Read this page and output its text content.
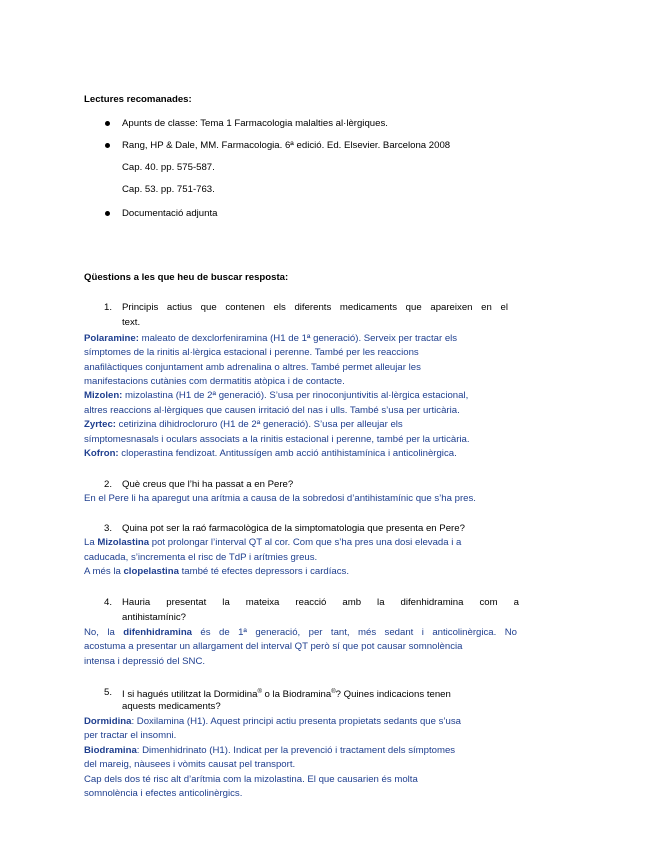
Lectures recomanades:
Apunts de classe: Tema 1 Farmacologia malalties al·lèrgiques.
Rang, HP & Dale, MM. Farmacologia. 6ª edició. Ed. Elsevier. Barcelona 2008
Cap. 40. pp. 575-587.
Cap. 53. pp. 751-763.
Documentació adjunta
Qüestions a les que heu de buscar resposta:
1. Principis actius que contenen els diferents medicaments que apareixen en el
text.
Polaramine: maleato de dexclorfeniramina (H1 de 1ª generació). Serveix per tractar els
símptomes de la rinitis al·lèrgica estacional i perenne. També per les reaccions
anafilàctiques conjuntament amb adrenalina o altres. També permet alleujar les
manifestacions cutànies com dermatitis atòpica i de contacte.
Mizolen: mizolastina (H1 de 2ª generació). S’usa per rinoconjuntivitis al·lèrgica estacional,
altres reaccions al·lèrgiques que causen irritació del nas i ulls. També s’usa per urticària.
Zyrtec: cetirizina dihidrocloruro (H1 de 2ª generació). S’usa per alleujar els
símptomesnasals i oculars associats a la rinitis estacional i perenne, també per la urticària.
Kofron: cloperastina fendizoat. Antitussígen amb acció antihistamínica i anticolinèrgica.
2. Què creus que l’hi ha passat a en Pere?
En el Pere li ha aparegut una arítmia a causa de la sobredosi d’antihistamínic que s’ha pres.
3. Quina pot ser la raó farmacològica de la simptomatologia que presenta en Pere?
La Mizolastina pot prolongar l’interval QT al cor. Com que s’ha pres una dosi elevada i a
caducada, s’incrementa el risc de TdP i arítmies greus.
A més la clopelastina també té efectes depressors i cardíacs.
4. Hauria presentat la mateixa reacció amb la difenhidramina com a
antihistamínic?
No, la difenhidramina és de 1ª generació, per tant, més sedant i anticolinèrgica. No
acostuma a presentar un allargament del interval QT però sí que pot causar somnolència
intensa i depressió del SNC.
5. I si hagués utilitzat la Dormidina® o la Biodramina®? Quines indicacions tenen
aquests medicaments?
Dormidina: Doxilamina (H1). Aquest principi actiu presenta propietats sedants que s’usa
per tractar el insomni.
Biodramina: Dimenhidrinato (H1). Indicat per la prevenció i tractament dels símptomes
del mareig, nàusees i vòmits causat pel transport.
Cap dels dos té risc alt d’arítmia com la mizolastina. El que causarien és molta
somnolència i efectes anticolinèrgics.
